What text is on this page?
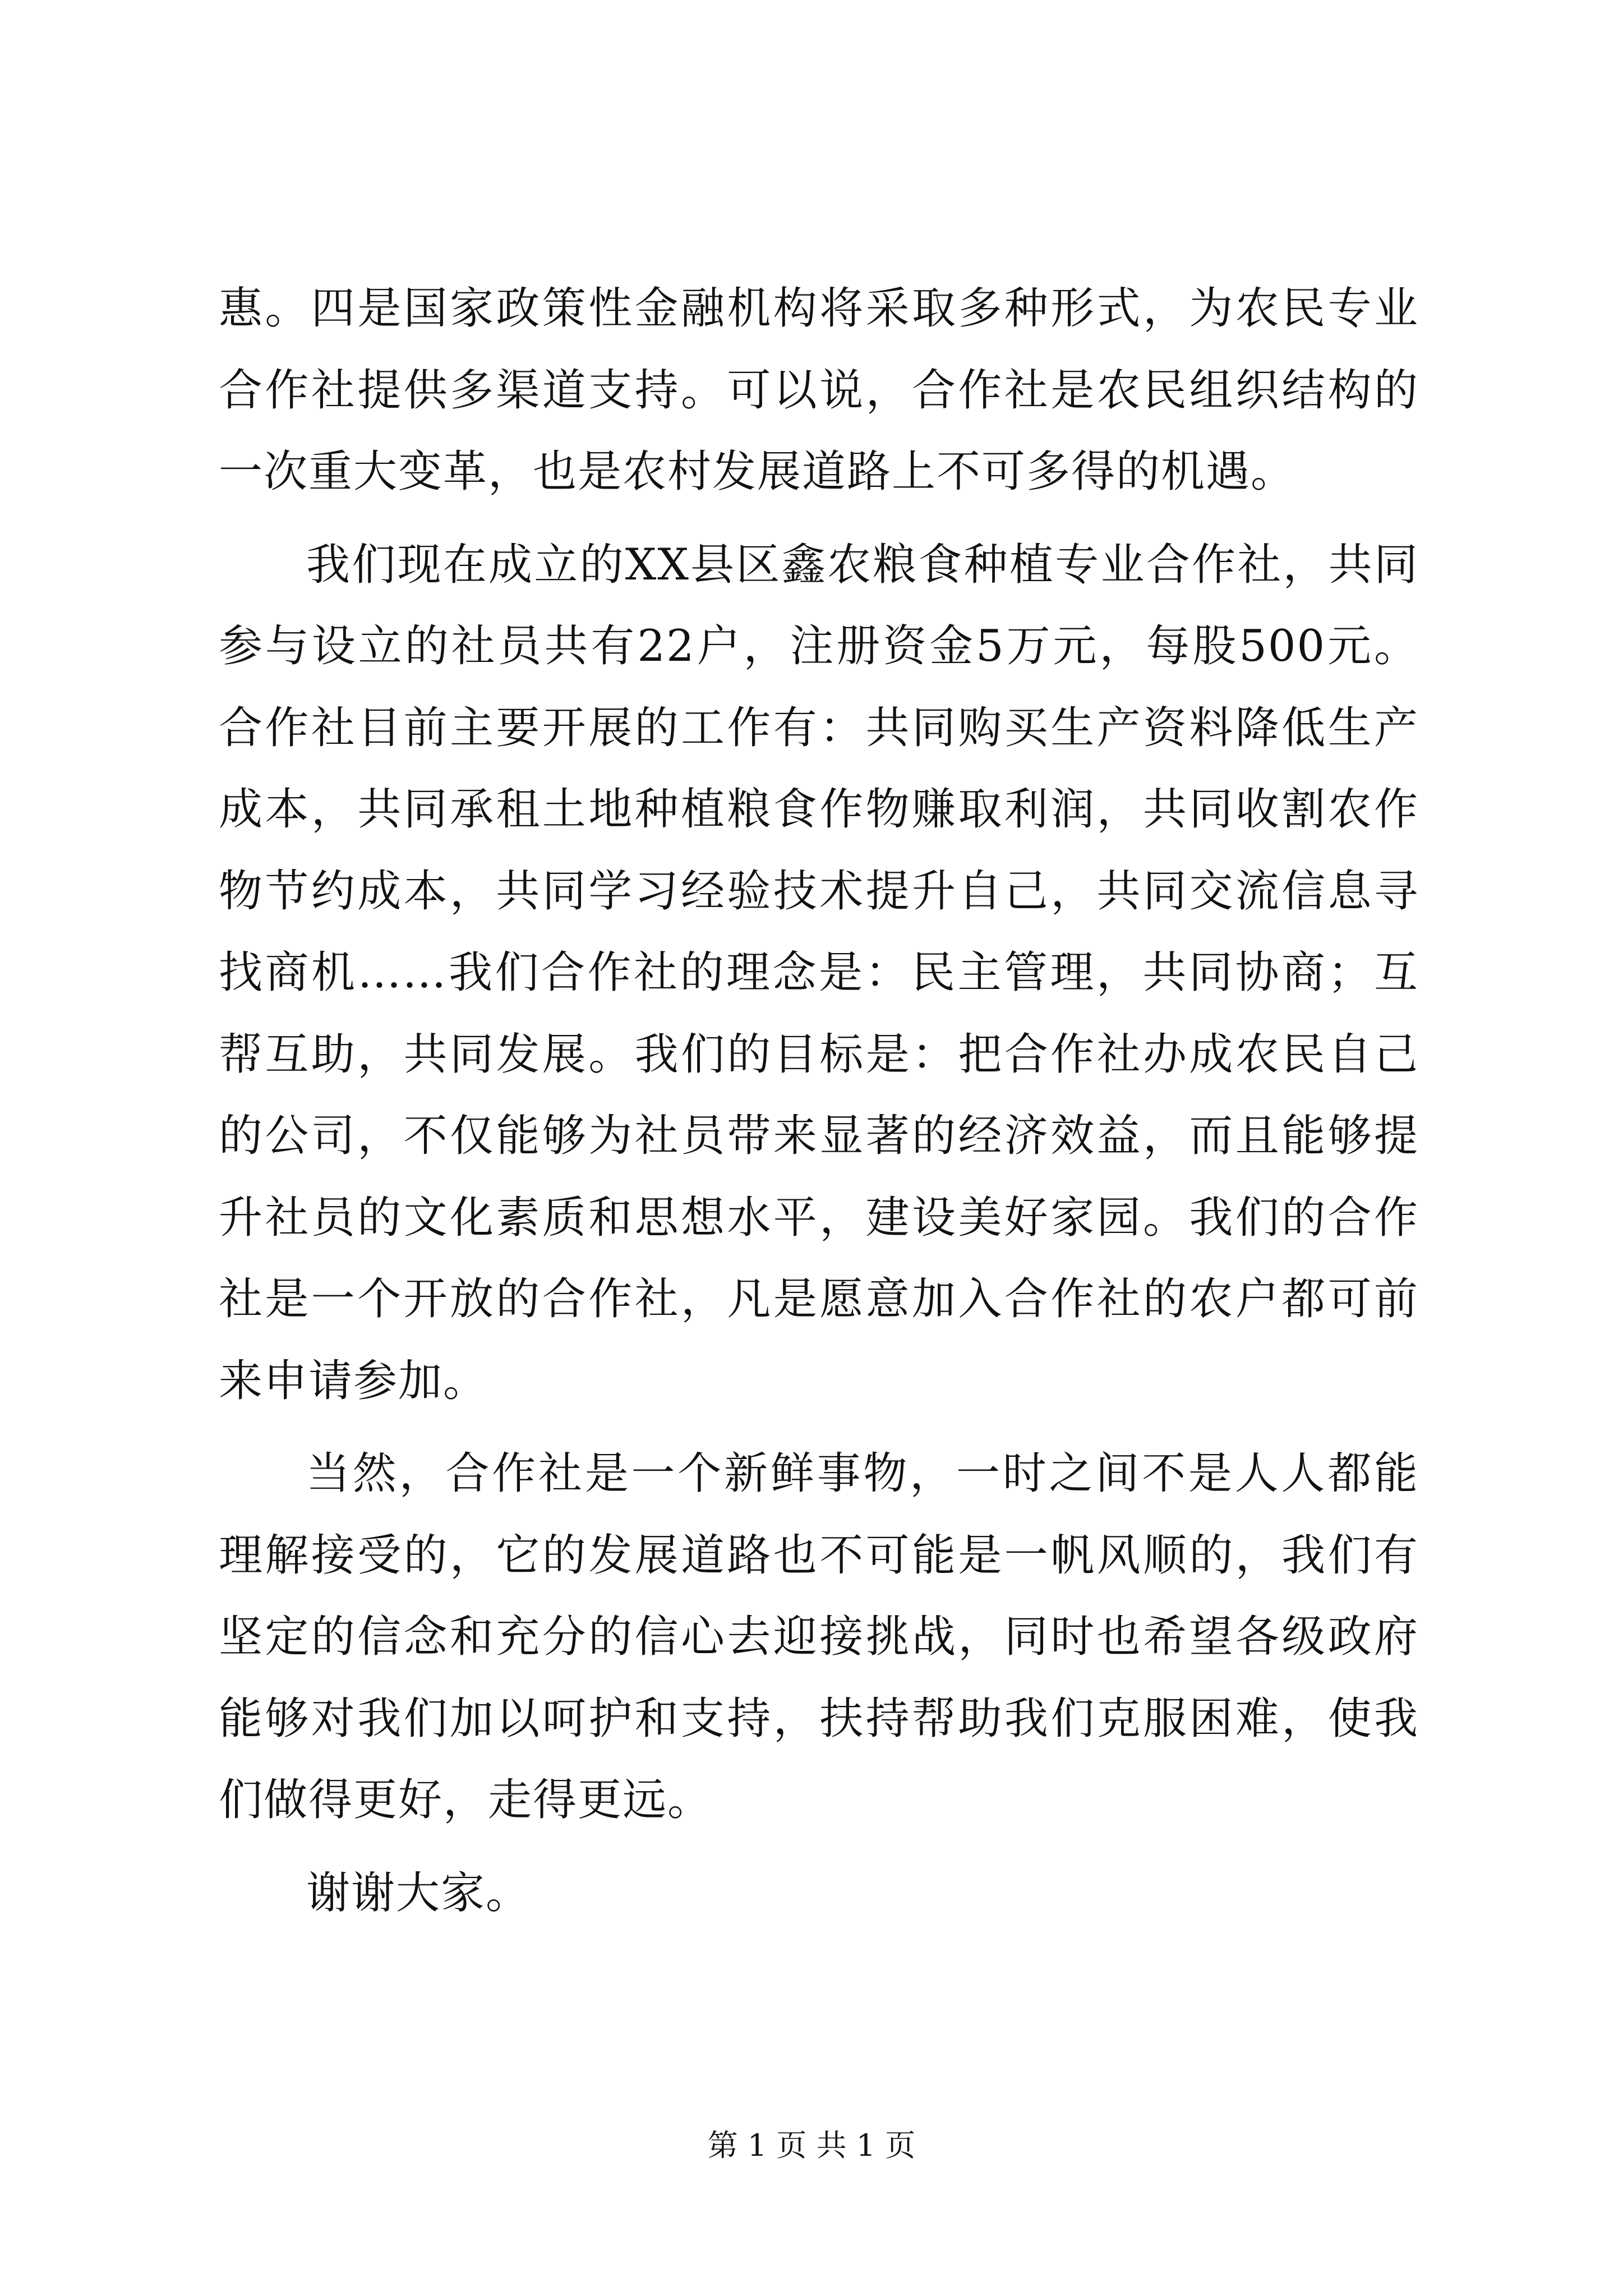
惠。四是国家政策性金融机构将采取多种形式，为农民专业合作社提供多渠道支持。可以说，合作社是农民组织结构的一次重大变革，也是农村发展道路上不可多得的机遇。

我们现在成立的XX县区鑫农粮食种植专业合作社，共同参与设立的社员共有22户，注册资金5万元，每股500元。合作社目前主要开展的工作有：共同购买生产资料降低生产成本，共同承租土地种植粮食作物赚取利润，共同收割农作物节约成本，共同学习经验技术提升自己，共同交流信息寻找商机……我们合作社的理念是：民主管理，共同协商；互帮互助，共同发展。我们的目标是：把合作社办成农民自己的公司，不仅能够为社员带来显著的经济效益，而且能够提升社员的文化素质和思想水平，建设美好家园。我们的合作社是一个开放的合作社，凡是愿意加入合作社的农户都可前来申请参加。

当然，合作社是一个新鲜事物，一时之间不是人人都能理解接受的，它的发展道路也不可能是一帆风顺的，我们有坚定的信念和充分的信心去迎接挑战，同时也希望各级政府能够对我们加以呵护和支持，扶持帮助我们克服困难，使我们做得更好，走得更远。

谢谢大家。

第 1 页 共 1 页
